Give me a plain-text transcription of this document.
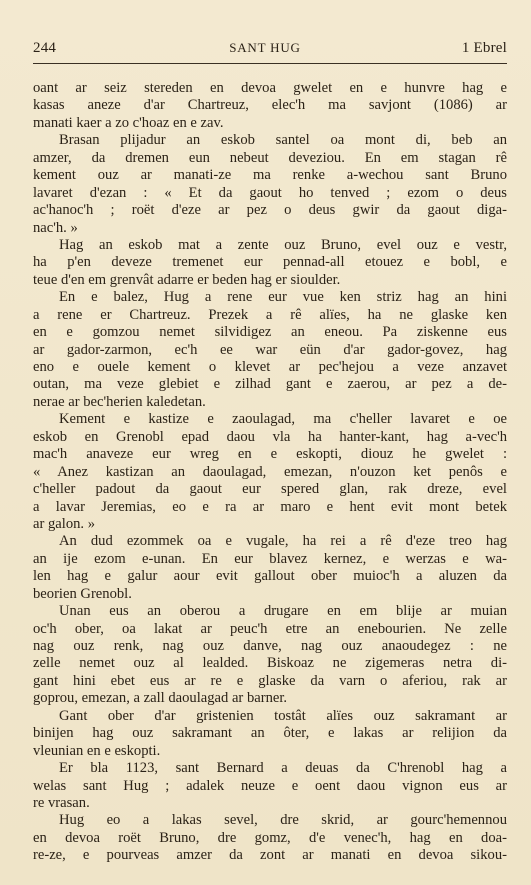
244	SANT HUG	1 Ebrel
oant ar seiz stereden en devoa gwelet en e hunvre hag e
kasas aneze d'ar Chartreuz, elec'h ma savjont (1086) ar
manati kaer a zo c'hoaz en e zav.
Brasan plijadur an eskob santel oa mont di, beb an
amzer, da dremen eun nebeut deveziou. En em stagan rê
kement ouz ar manati-ze ma renke a-wechou sant Bruno
lavaret d'ezan : « Et da gaout ho tenved ; ezom o deus
ac'hanoc'h ; roët d'eze ar pez o deus gwir da gaout diga-
nac'h. »
Hag an eskob mat a zente ouz Bruno, evel ouz e vestr,
ha p'en deveze tremenet eur pennad-all etouez e bobl, e
teue d'en em grenvât adarre er beden hag er sioulder.
En e balez, Hug a rene eur vue ken striz hag an hini
a rene er Chartreuz. Prezek a rê alïes, ha ne glaske ken
en e gomzou nemet silvidigez an eneou. Pa ziskenne eus
ar gador-zarmon, ec'h ee war eün d'ar gador-govez, hag
eno e ouele kement o klevet ar pec'hejou a veze anzavet
outan, ma veze glebiet e zilhad gant e zaerou, ar pez a de-
nerae ar bec'herien kaledetan.
Kement e kastize e zaoulagad, ma c'heller lavaret e oe
eskob en Grenobl epad daou vla ha hanter-kant, hag a-vec'h
mac'h anaveze eur wreg en e eskopti, diouz he gwelet :
« Anez kastizan an daoulagad, emezan, n'ouzon ket penôs e
c'heller padout da gaout eur spered glan, rak dreze, evel
a lavar Jeremias, eo e ra ar maro e hent evit mont betek
ar galon. »
An dud ezommek oa e vugale, ha rei a rê d'eze treo hag
an ije ezom e-unan. En eur blavez kernez, e werzas e wa-
len hag e galur aour evit gallout ober muioc'h a aluzen da
beorien Grenobl.
Unan eus an oberou a drugare en em blije ar muian
oc'h ober, oa lakat ar peuc'h etre an enebourien. Ne zelle
nag ouz renk, nag ouz danve, nag ouz anaoudegez : ne
zelle nemet ouz al lealded. Biskoaz ne zigemeras netra di-
gant hini ebet eus ar re e glaske da varn o aferiou, rak ar
goprou, emezan, a zall daoulagad ar barner.
Gant ober d'ar gristenien tostât alïes ouz sakramant ar
binijen hag ouz sakramant an ôter, e lakas ar relijion da
vleunian en e eskopti.
Er bla 1123, sant Bernard a deuas da C'hrenobl hag a
welas sant Hug ; adalek neuze e oent daou vignon eus ar
re vrasan.
Hug eo a lakas sevel, dre skrid, ar gourc'hemennou
en devoa roët Bruno, dre gomz, d'e venec'h, hag en doa-
re-ze, e pourveas amzer da zont ar manati en devoa sikou-
